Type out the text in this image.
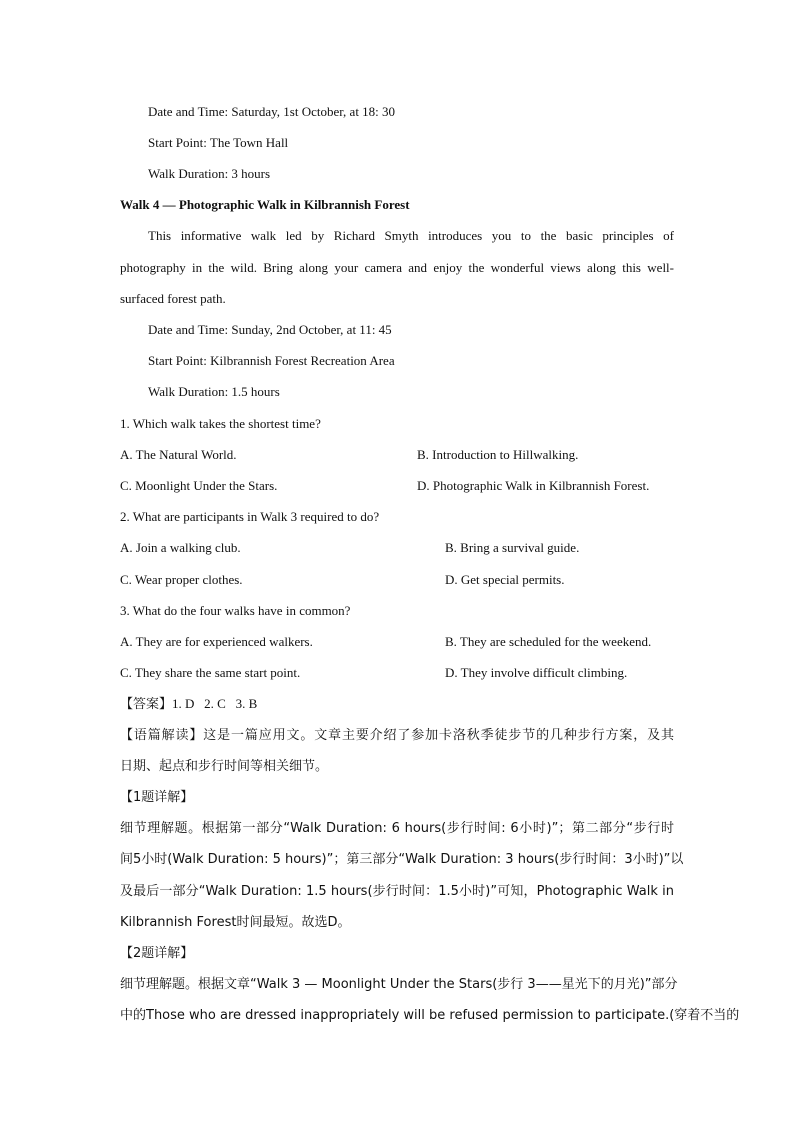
Date and Time: Saturday, 1st October, at 18: 30
Start Point: The Town Hall
Walk Duration: 3 hours
Walk 4 — Photographic Walk in Kilbrannish Forest
This informative walk led by Richard Smyth introduces you to the basic principles of
photography in the wild. Bring along your camera and enjoy the wonderful views along this well-
surfaced forest path.
Date and Time: Sunday, 2nd October, at 11: 45
Start Point: Kilbrannish Forest Recreation Area
Walk Duration: 1.5 hours
1. Which walk takes the shortest time?
A. The Natural World.	B. Introduction to Hillwalking.
C. Moonlight Under the Stars.	D. Photographic Walk in Kilbrannish Forest.
2. What are participants in Walk 3 required to do?
A. Join a walking club.	B. Bring a survival guide.
C. Wear proper clothes.	D. Get special permits.
3. What do the four walks have in common?
A. They are for experienced walkers.	B. They are scheduled for the weekend.
C. They share the same start point.	D. They involve difficult climbing.
【答案】1. D   2. C   3. B
【语篇解读】这是一篇应用文。文章主要介绍了参加卡洛秋季徒步节的几种步行方案，及其
日期、起点和步行时间等相关细节。
【1题详解】
细节理解题。根据第一部分“Walk Duration: 6 hours(步行时间: 6小时)”；第二部分“步行时
间5小时(Walk Duration: 5 hours)”；第三部分“Walk Duration: 3 hours(步行时间：3小时)”以
及最后一部分“Walk Duration: 1.5 hours(步行时间：1.5小时)”可知，Photographic Walk in
Kilbrannish Forest时间最短。故选D。
【2题详解】
细节理解题。根据文章“Walk 3 — Moonlight Under the Stars(步行 3——星光下的月光)”部分
中的Those who are dressed inappropriately will be refused permission to participate.(穿着不当的
